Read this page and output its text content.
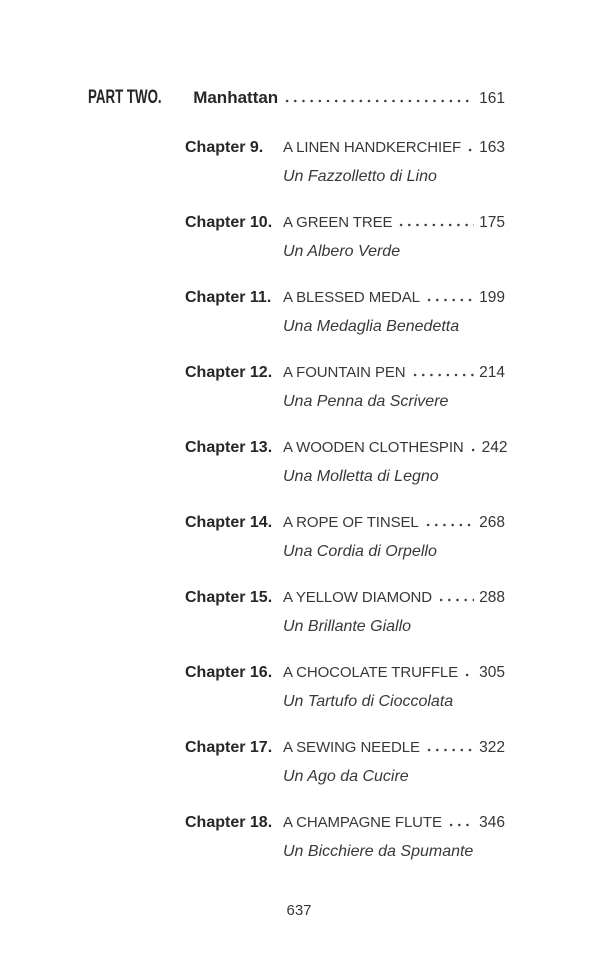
PART TWO. Manhattan	161
Chapter 9.	A LINEN HANDKERCHIEF 163
Un Fazzolletto di Lino
Chapter 10. A GREEN TREE	175
Un Albero Verde
Chapter 11. A BLESSED MEDAL	199
Una Medaglia Benedetta
Chapter 12. A FOUNTAIN PEN	214
Una Penna da Scrivere
Chapter 13. A WOODEN CLOTHESPIN 242
Una Molletta di Legno
Chapter 14. A ROPE OF TINSEL	268
Una Cordia di Orpello
Chapter 15. A YELLOW DIAMOND	288
Un Brillante Giallo
Chapter 16. A CHOCOLATE TRUFFLE 305
Un Tartufo di Cioccolata
Chapter 17. A SEWING NEEDLE	322
Un Ago da Cucire
Chapter 18. A CHAMPAGNE FLUTE 346
Un Bicchiere da Spumante
637
